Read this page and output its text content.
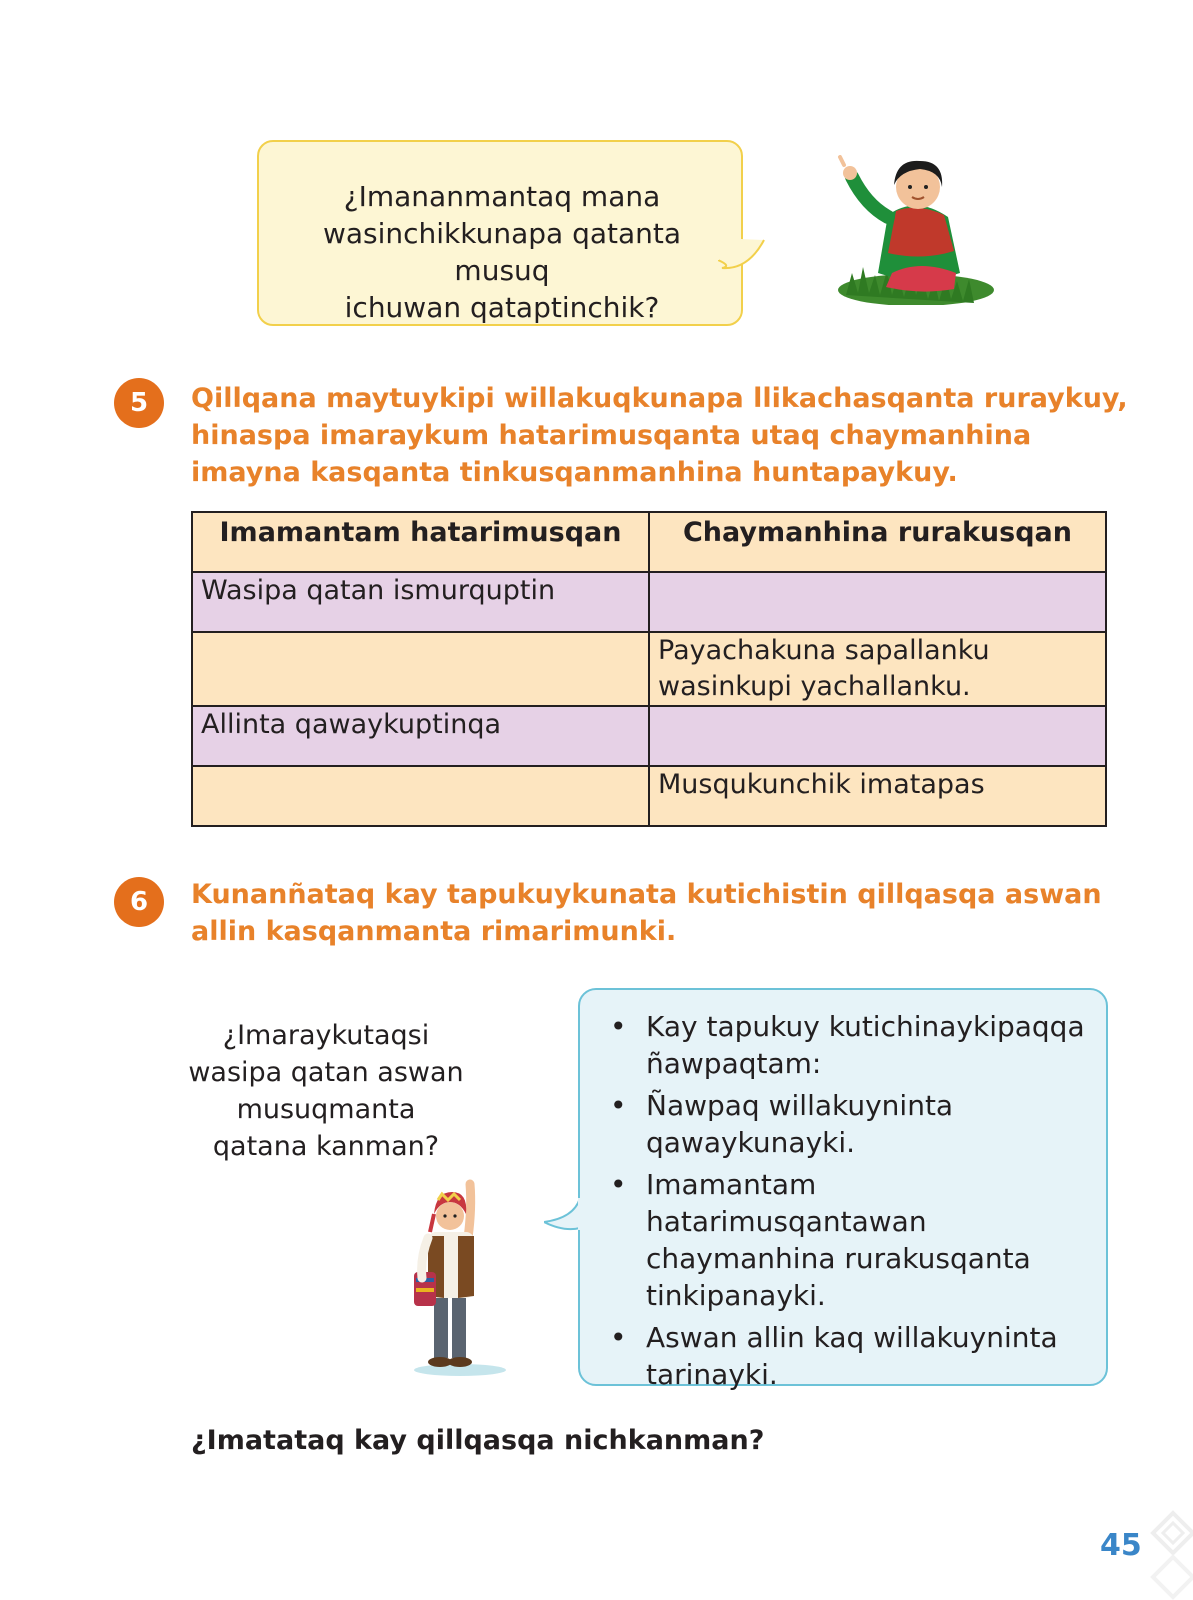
¿Imananmantaq mana
wasinchikkunapa qatanta musuq
ichuwan qataptinchik?
5	Qillqana maytuykipi willakuqkunapa llikachasqanta ruraykuy,
hinaspa imaraykum hatarimusqanta utaq chaymanhina
imayna kasqanta tinkusqanmanhina huntapaykuy.
Imamantam hatarimusqan	Chaymanhina rurakusqan
Wasipa qatan ismurquptin	
	Payachakuna sapallanku wasinkupi yachallanku.
Allinta qawaykuptinqa	
	Musqukunchik imatapas
6	Kunanñataq kay tapukuykunata kutichistin qillqasqa aswan
allin kasqanmanta rimarimunki.
¿Imaraykutaqsi
wasipa qatan aswan
musuqmanta
qatana kanman?
• Kay tapukuy kutichinaykipaqqa
ñawpaqtam:
• Ñawpaq willakuyninta
qawaykunayki.
• Imamantam hatarimusqantawan
chaymanhina rurakusqanta
tinkipanayki.
• Aswan allin kaq willakuyninta
tarinayki.
¿Imatataq kay qillqasqa nichkanman?
45
